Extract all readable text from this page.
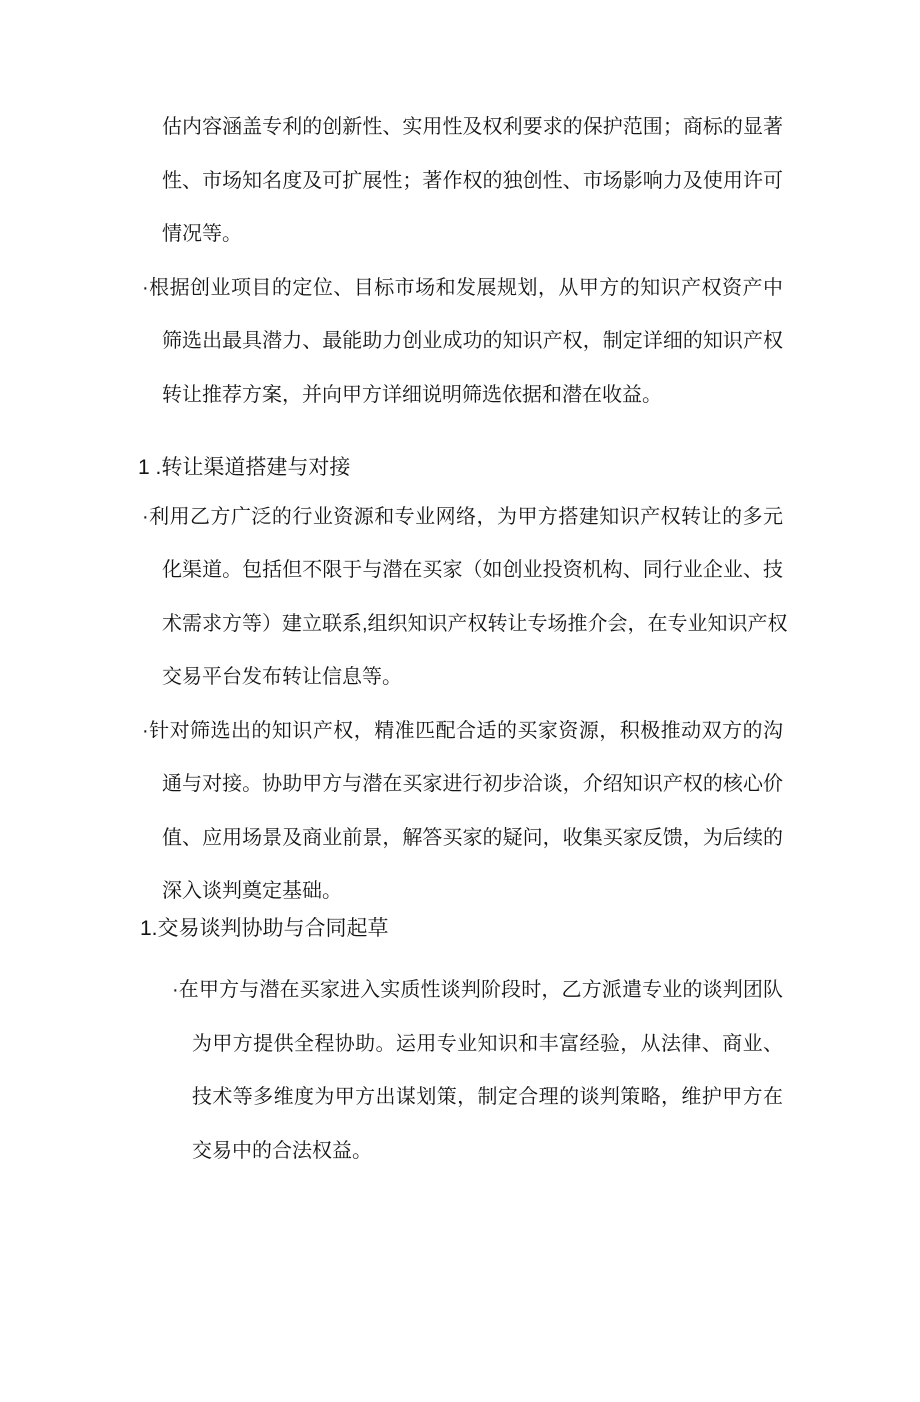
估内容涵盖专利的创新性、实用性及权利要求的保护范围；商标的显著
性、市场知名度及可扩展性；著作权的独创性、市场影响力及使用许可
情况等。
·根据创业项目的定位、目标市场和发展规划，从甲方的知识产权资产中
筛选出最具潜力、最能助力创业成功的知识产权，制定详细的知识产权
转让推荐方案，并向甲方详细说明筛选依据和潜在收益。
1 .转让渠道搭建与对接
·利用乙方广泛的行业资源和专业网络，为甲方搭建知识产权转让的多元
化渠道。包括但不限于与潜在买家（如创业投资机构、同行业企业、技
术需求方等）建立联系,组织知识产权转让专场推介会，在专业知识产权
交易平台发布转让信息等。
·针对筛选出的知识产权，精准匹配合适的买家资源，积极推动双方的沟
通与对接。协助甲方与潜在买家进行初步洽谈，介绍知识产权的核心价
值、应用场景及商业前景，解答买家的疑问，收集买家反馈，为后续的
深入谈判奠定基础。
1.交易谈判协助与合同起草
·在甲方与潜在买家进入实质性谈判阶段时，乙方派遣专业的谈判团队
为甲方提供全程协助。运用专业知识和丰富经验，从法律、商业、
技术等多维度为甲方出谋划策，制定合理的谈判策略，维护甲方在
交易中的合法权益。
